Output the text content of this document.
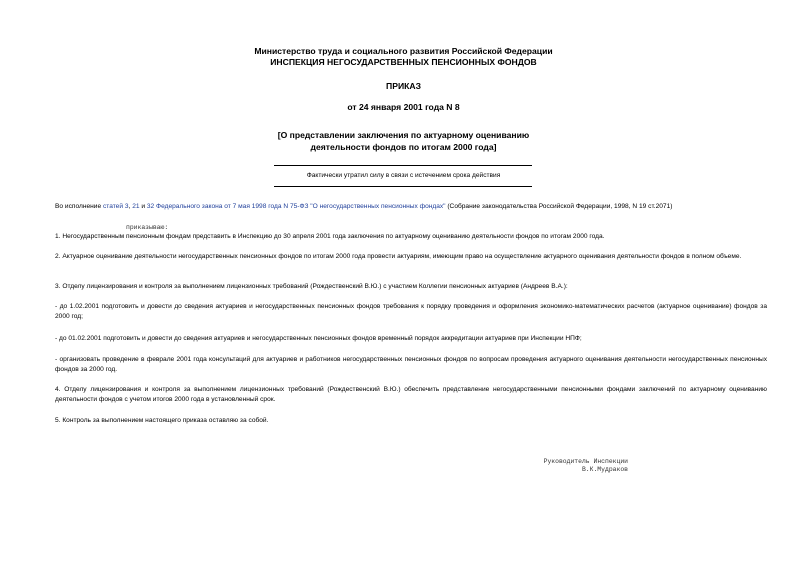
Министерство труда и социального развития Российской Федерации
ИНСПЕКЦИЯ НЕГОСУДАРСТВЕННЫХ ПЕНСИОННЫХ ФОНДОВ
ПРИКАЗ
от 24 января 2001 года N 8
[О представлении заключения по актуарному оцениванию
деятельности фондов по итогам 2000 года]
Фактически утратил силу в связи с истечением срока действия
Во исполнение статей 3, 21 и 32 Федерального закона от 7 мая 1998 года N 75-ФЗ "О негосударственных пенсионных фондах" (Собрание законодательства Российской Федерации, 1998, N 19 ст.2071)
приказываю:
1. Негосударственным пенсионным фондам представить в Инспекцию до 30 апреля 2001 года заключения по актуарному оцениванию деятельности фондов по итогам 2000 года.
2. Актуарное оценивание деятельности негосударственных пенсионных фондов по итогам 2000 года провести актуариям, имеющим право на осуществление актуарного оценивания деятельности фондов в полном объеме.
3. Отделу лицензирования и контроля за выполнением лицензионных требований (Рождественский В.Ю.) с участием Коллегии пенсионных актуариев (Андреев В.А.):
- до 1.02.2001 подготовить и довести до сведения актуариев и негосударственных пенсионных фондов требования к порядку проведения и оформления экономико-математических расчетов (актуарное оценивание) фондов за 2000 год;
- до 01.02.2001 подготовить и довести до сведения актуариев и негосударственных пенсионных фондов временный порядок аккредитации актуариев при Инспекции НПФ;
- организовать проведение в феврале 2001 года консультаций для актуариев и работников негосударственных пенсионных фондов по вопросам проведения актуарного оценивания деятельности негосударственных пенсионных фондов за 2000 год.
4. Отделу лицензирования и контроля за выполнением лицензионных требований (Рождественский В.Ю.) обеспечить представление негосударственными пенсионными фондами заключений по актуарному оцениванию деятельности фондов с учетом итогов 2000 года в установленный срок.
5. Контроль за выполнением настоящего приказа оставляю за собой.
Руководитель Инспекции
В.К.Мудраков
